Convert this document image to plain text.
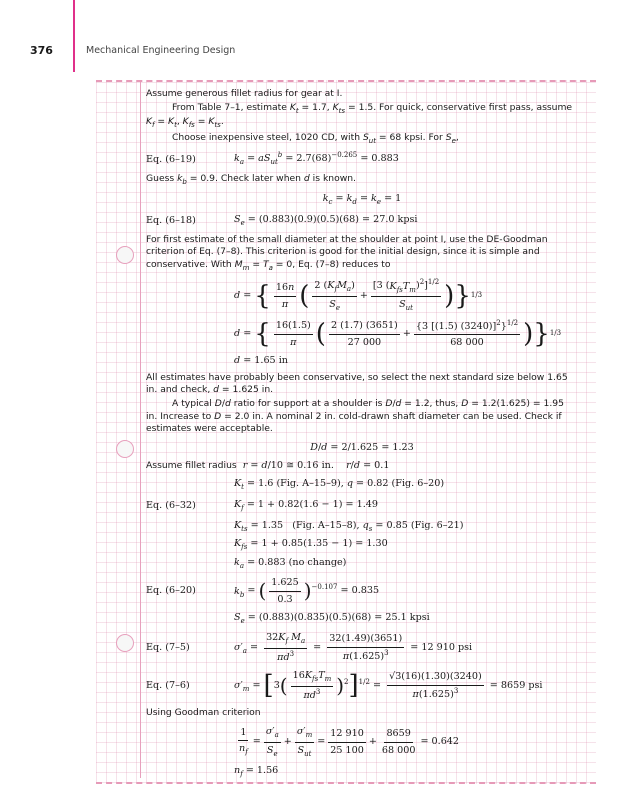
376	Mechanical Engineering Design
Assume generous fillet radius for gear at I.
From Table 7–1, estimate $K_t = 1.7$, $K_{ts} = 1.5$. For quick, conservative first pass, assume $K_f = K_t$, $K_{fs} = K_{ts}$.
Choose inexpensive steel, 1020 CD, with $S_{ut} = 68$ kpsi. For $S_e$,
Eq. (6–19)	$k_a = aS_{ut}^b = 2.7(68)^{-0.265} = 0.883$
Guess $k_b = 0.9$. Check later when d is known.
$k_c = k_d = k_e = 1$
Eq. (6–18)	$S_e = (0.883)(0.9)(0.5)(68) = 27.0$ kpsi
For first estimate of the small diameter at the shoulder at point I, use the DE-Goodman criterion of Eq. (7–8). This criterion is good for the initial design, since it is simple and conservative. With $M_m = T_a = 0$, Eq. (7–8) reduces to
d = { $\frac{16n}{\pi}$ ( $\frac{2 (K_fM_a)}{S_e} + \frac{[3 (K_{fs}T_m)^2]^{1/2}}{S_{ut}}$ ) } 1/3
d = { $\frac{16(1.5)}{\pi}$ ( $\frac{2 (1.7) (3651)}{27 000} + \frac{\{3 [(1.5) (3240)]^2\}^{1/2}}{68 000}$ ) } 1/3
d = 1.65 in
All estimates have probably been conservative, so select the next standard size below 1.65 in. and check, d = 1.625 in.
A typical D/d ratio for support at a shoulder is D/d = 1.2, thus, D = 1.2(1.625) = 1.95 in. Increase to D = 2.0 in. A nominal 2 in. cold-drawn shaft diameter can be used. Check if estimates were acceptable.
D/d = 2/1.625 = 1.23
Assume fillet radius r = d/10 ≅ 0.16 in.    r/d = 0.1
$K_t = 1.6$ (Fig. A–15–9), q = 0.82 (Fig. 6–20)
Eq. (6–32)	$K_f = 1 + 0.82(1.6 - 1) = 1.49$
$K_{ts} = 1.35$   (Fig. A–15–8), $q_s = 0.85$ (Fig. 6–21)
$K_{fs} = 1 + 0.85(1.35 - 1) = 1.30$
$k_a = 0.883$ (no change)
Eq. (6–20)	$k_b$ = ( $\frac{1.625}{0.3} )^{-0.107} = 0.835$
$S_e = (0.883)(0.835)(0.5)(68) = 25.1$ kpsi
Eq. (7–5)	$\sigma'_a = \frac{32K_f M_a}{\pi d^3} = \frac{32(1.49)(3651)}{\pi(1.625)^3} = 12$ 910 psi
Eq. (7–6)	$\sigma'_m = [3( \frac{16K_{fs}T_m}{\pi d^3} )^2]^{1/2} = \frac{√3(16)(1.30)(3240)}{\pi(1.625)^3} = 8659$ psi
Using Goodman criterion
$\frac{1}{n_f} = \frac{\sigma'_a}{S_e} + \frac{\sigma'_m}{S_{ut}} = \frac{12 910}{25 100} + \frac{8659}{68 000} = 0.642$
$n_f = 1.56$
